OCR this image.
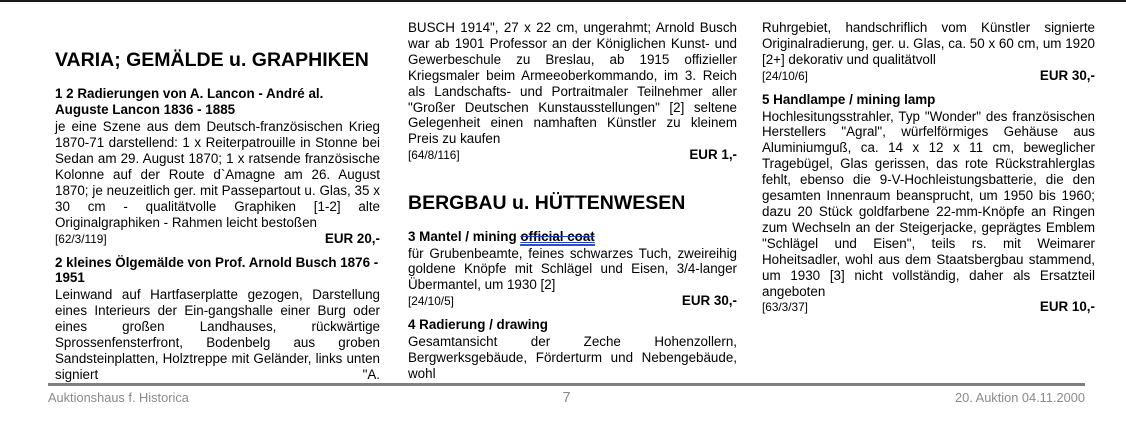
VARIA; GEMÄLDE u. GRAPHIKEN

1 2 Radierungen von A. Lancon - André al. Auguste Lancon 1836 - 1885

je eine Szene aus dem Deutsch-französischen Krieg 1870-71 darstellend: 1 x Reiterpatrouille in Stonne bei Sedan am 29. August 1870; 1 x ratsende französische Kolonne auf der Route d`Amagne am 26. August 1870; je neuzeitlich ger. mit Passepartout u. Glas, 35 x 30 cm - qualitätvolle Graphiken [1-2] alte Originalgraphiken - Rahmen leicht bestoßen

[62/3/119]	EUR 20,-

2 kleines Ölgemälde von Prof. Arnold Busch 1876 - 1951

Leinwand auf Hartfaserplatte gezogen, Darstellung eines Interieurs der Ein-gangshalle einer Burg oder eines großen Landhauses, rückwärtige Sprossenfensterfront, Bodenbelg aus groben Sandsteinplatten, Holztreppe mit Geländer, links unten signiert "A.

BUSCH 1914", 27 x 22 cm, ungerahmt; Arnold Busch war ab 1901 Professor an der Königlichen Kunst- und Gewerbeschule zu Breslau, ab 1915 offizieller Kriegsmaler beim Armeeoberkommando, im 3. Reich als Landschafts- und Portraitmaler Teilnehmer aller "Großer Deutschen Kunstausstellungen" [2] seltene Gelegenheit einen namhaften Künstler zu kleinem Preis zu kaufen

[64/8/116]	EUR 1,-

BERGBAU u. HÜTTENWESEN

3 Mantel / mining official coat

für Grubenbeamte, feines schwarzes Tuch, zweireihig goldene Knöpfe mit Schlägel und Eisen, 3/4-langer Übermantel, um 1930 [2]

[24/10/5]	EUR 30,-

4 Radierung / drawing

Gesamtansicht der Zeche Hohenzollern, Bergwerksgebäude, Förderturm und Nebengebäude, wohl

Ruhrgebiet, handschriflich vom Künstler signierte Originalradierung, ger. u. Glas, ca. 50 x 60 cm, um 1920 [2+] dekorativ und qualitätvoll

[24/10/6]	EUR 30,-

5 Handlampe / mining lamp

Hochlesitungsstrahler, Typ "Wonder" des französischen Herstellers "Agral", würfelförmiges Gehäuse aus Aluminiumguß, ca. 14 x 12 x 11 cm, beweglicher Tragebügel, Glas gerissen, das rote Rückstrahlerglas fehlt, ebenso die 9-V-Hochleistungsbatterie, die den gesamten Innenraum beansprucht, um 1950 bis 1960; dazu 20 Stück goldfarbene 22-mm-Knöpfe an Ringen zum Wechseln an der Steigerjacke, geprägtes Emblem "Schlägel und Eisen", teils rs. mit Weimarer Hoheitsadler, wohl aus dem Staatsbergbau stammend, um 1930 [3] nicht vollständig, daher als Ersatzteil angeboten

[63/3/37]	EUR 10,-

7
Auktionshaus f. Historica	20. Auktion 04.11.2000
